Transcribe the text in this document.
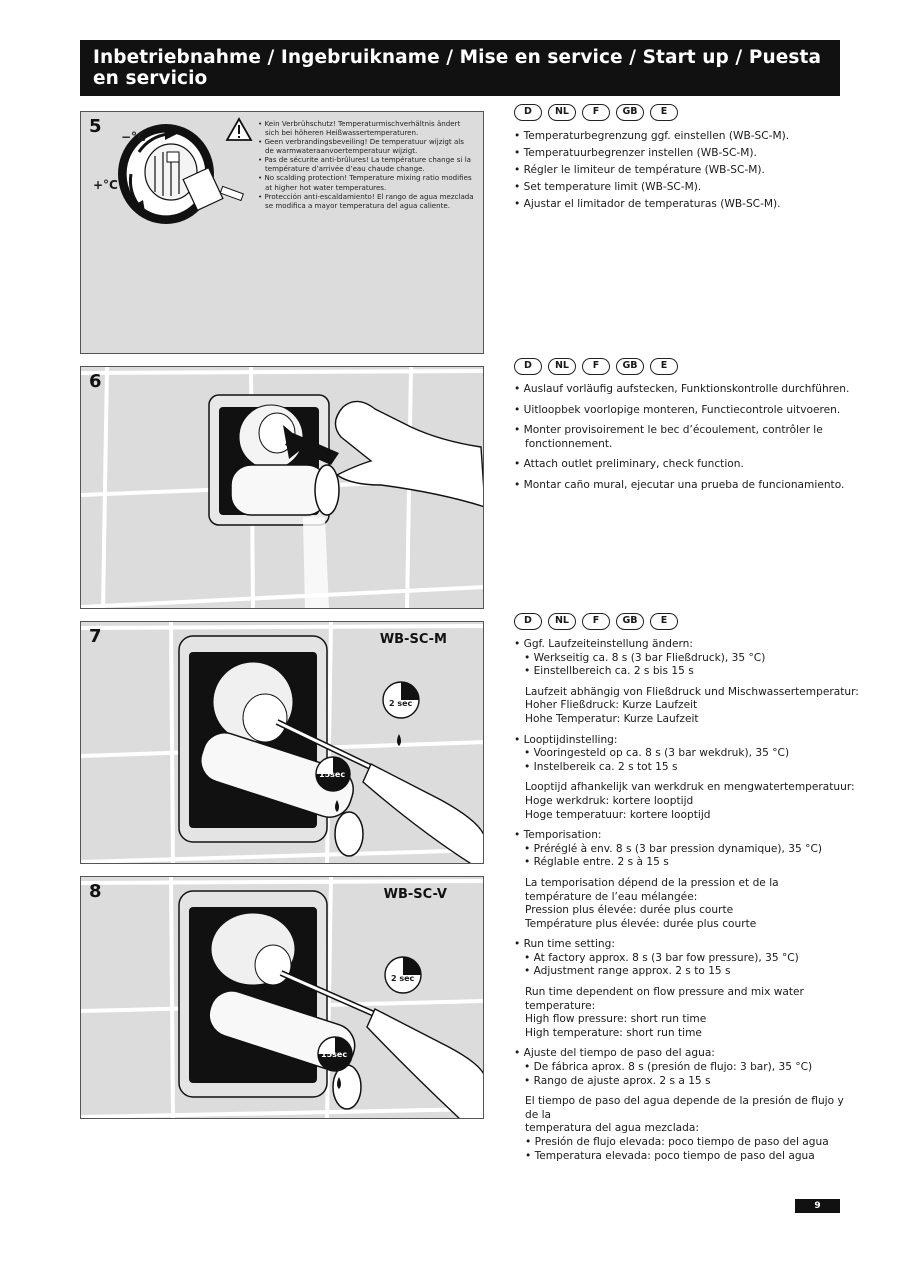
Inbetriebnahme / Ingebruikname / Mise en service / Start up / Puesta en servicio
5 −°C
+°C
• Kein Verbrühschutz! Temperaturmischverhältnis ändert
sich bei höheren Heißwassertemperaturen.
• Geen verbrandingsbeveiling! De temperatuur wijzigt als
de warmwateraanvoertemperatuur wijzigt.
• Pas de sécurite anti-brûlures! La température change si la
température d’arrivée d’eau chaude change.
• No scalding protection! Temperature mixing ratio modifies
at higher hot water temperatures.
• Protección anti-escaldamiento! El rango de agua mezclada
se modifica a mayor temperatura del agua caliente.
D	NL	F	GB	E
• Temperaturbegrenzung ggf. einstellen (WB-SC-M).
• Temperatuurbegrenzer instellen (WB-SC-M).
• Régler le limiteur de température (WB-SC-M).
• Set temperature limit (WB-SC-M).
• Ajustar el limitador de temperaturas (WB-SC-M).
6
D	NL	F	GB	E
• Auslauf vorläufig aufstecken, Funktionskontrolle durchführen.
• Uitloopbek voorlopige monteren, Functiecontrole uitvoeren.
• Monter provisoirement le bec d’écoulement, contrôler le fonctionnement.
• Attach outlet preliminary, check function.
• Montar caño mural, ejecutar una prueba de funcionamiento.
7	WB-SC-M
2 sec
15sec
8	WB-SC-V
2 sec
15sec
D	NL	F	GB	E
• Ggf. Laufzeiteinstellung ändern:
• Werkseitig ca. 8 s (3 bar Fließdruck), 35 °C)
• Einstellbereich ca. 2 s bis 15 s
Laufzeit abhängig von Fließdruck und Mischwassertemperatur:
Hoher Fließdruck: Kurze Laufzeit
Hohe Temperatur: Kurze Laufzeit
• Looptijdinstelling:
• Vooringesteld op ca. 8 s (3 bar wekdruk), 35 °C)
• Instelbereik ca. 2 s tot 15 s
Looptijd afhankelijk van werkdruk en mengwatertemperatuur:
Hoge werkdruk: kortere looptijd
Hoge temperatuur: kortere looptijd
• Temporisation:
• Préréglé à env. 8 s (3 bar pression dynamique), 35 °C)
• Réglable entre. 2 s à 15 s
La temporisation dépend de la pression et de la
température de l’eau mélangée:
Pression plus élevée: durée plus courte
Température plus élevée: durée plus courte
• Run time setting:
• At factory approx. 8 s (3 bar fow pressure), 35 °C)
• Adjustment range approx. 2 s to 15 s
Run time dependent on flow pressure and mix water temperature:
High flow pressure: short run time
High temperature: short run time
• Ajuste del tiempo de paso del agua:
• De fábrica aprox. 8 s (presión de flujo: 3 bar), 35 °C)
• Rango de ajuste aprox. 2 s a 15 s
El tiempo de paso del agua depende de la presión de flujo y de la
temperatura del agua mezclada:
• Presión de flujo elevada: poco tiempo de paso del agua
• Temperatura elevada: poco tiempo de paso del agua
9
